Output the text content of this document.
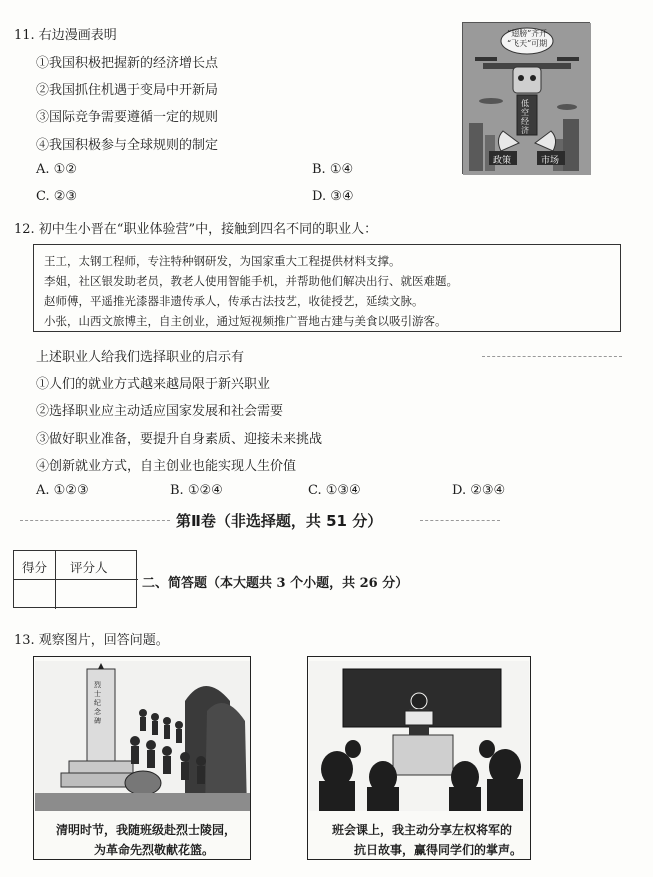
11. 右边漫画表明
①我国积极把握新的经济增长点
②我国抓住机遇于变局中开新局
③国际竞争需要遵循一定的规则
④我国积极参与全球规则的制定
A. ①②	B. ①④
C. ②③	D. ③④
“翅膀”齐开
“飞天”可期
低空经济
政策	市场
12. 初中生小晋在“职业体验营”中，接触到四名不同的职业人：
王工，太钢工程师，专注特种钢研发，为国家重大工程提供材料支撑。
李姐，社区银发助老员，教老人使用智能手机，并帮助他们解决出行、就医难题。
赵师傅，平遥推光漆器非遗传承人，传承古法技艺，收徒授艺，延续文脉。
小张，山西文旅博主，自主创业，通过短视频推广晋地古建与美食以吸引游客。
上述职业人给我们选择职业的启示有
①人们的就业方式越来越局限于新兴职业
②选择职业应主动适应国家发展和社会需要
③做好职业准备，要提升自身素质、迎接未来挑战
④创新就业方式，自主创业也能实现人生价值
A. ①②③	B. ①②④	C. ①③④	D. ②③④
第Ⅱ卷（非选择题，共 51 分）
得分 评分人
二、简答题（本大题共 3 个小题，共 26 分）
13. 观察图片，回答问题。
烈士纪念碑
清明时节，我随班级赴烈士陵园，
为革命先烈敬献花篮。
班会课上，我主动分享左权将军的
抗日故事，赢得同学们的掌声。
